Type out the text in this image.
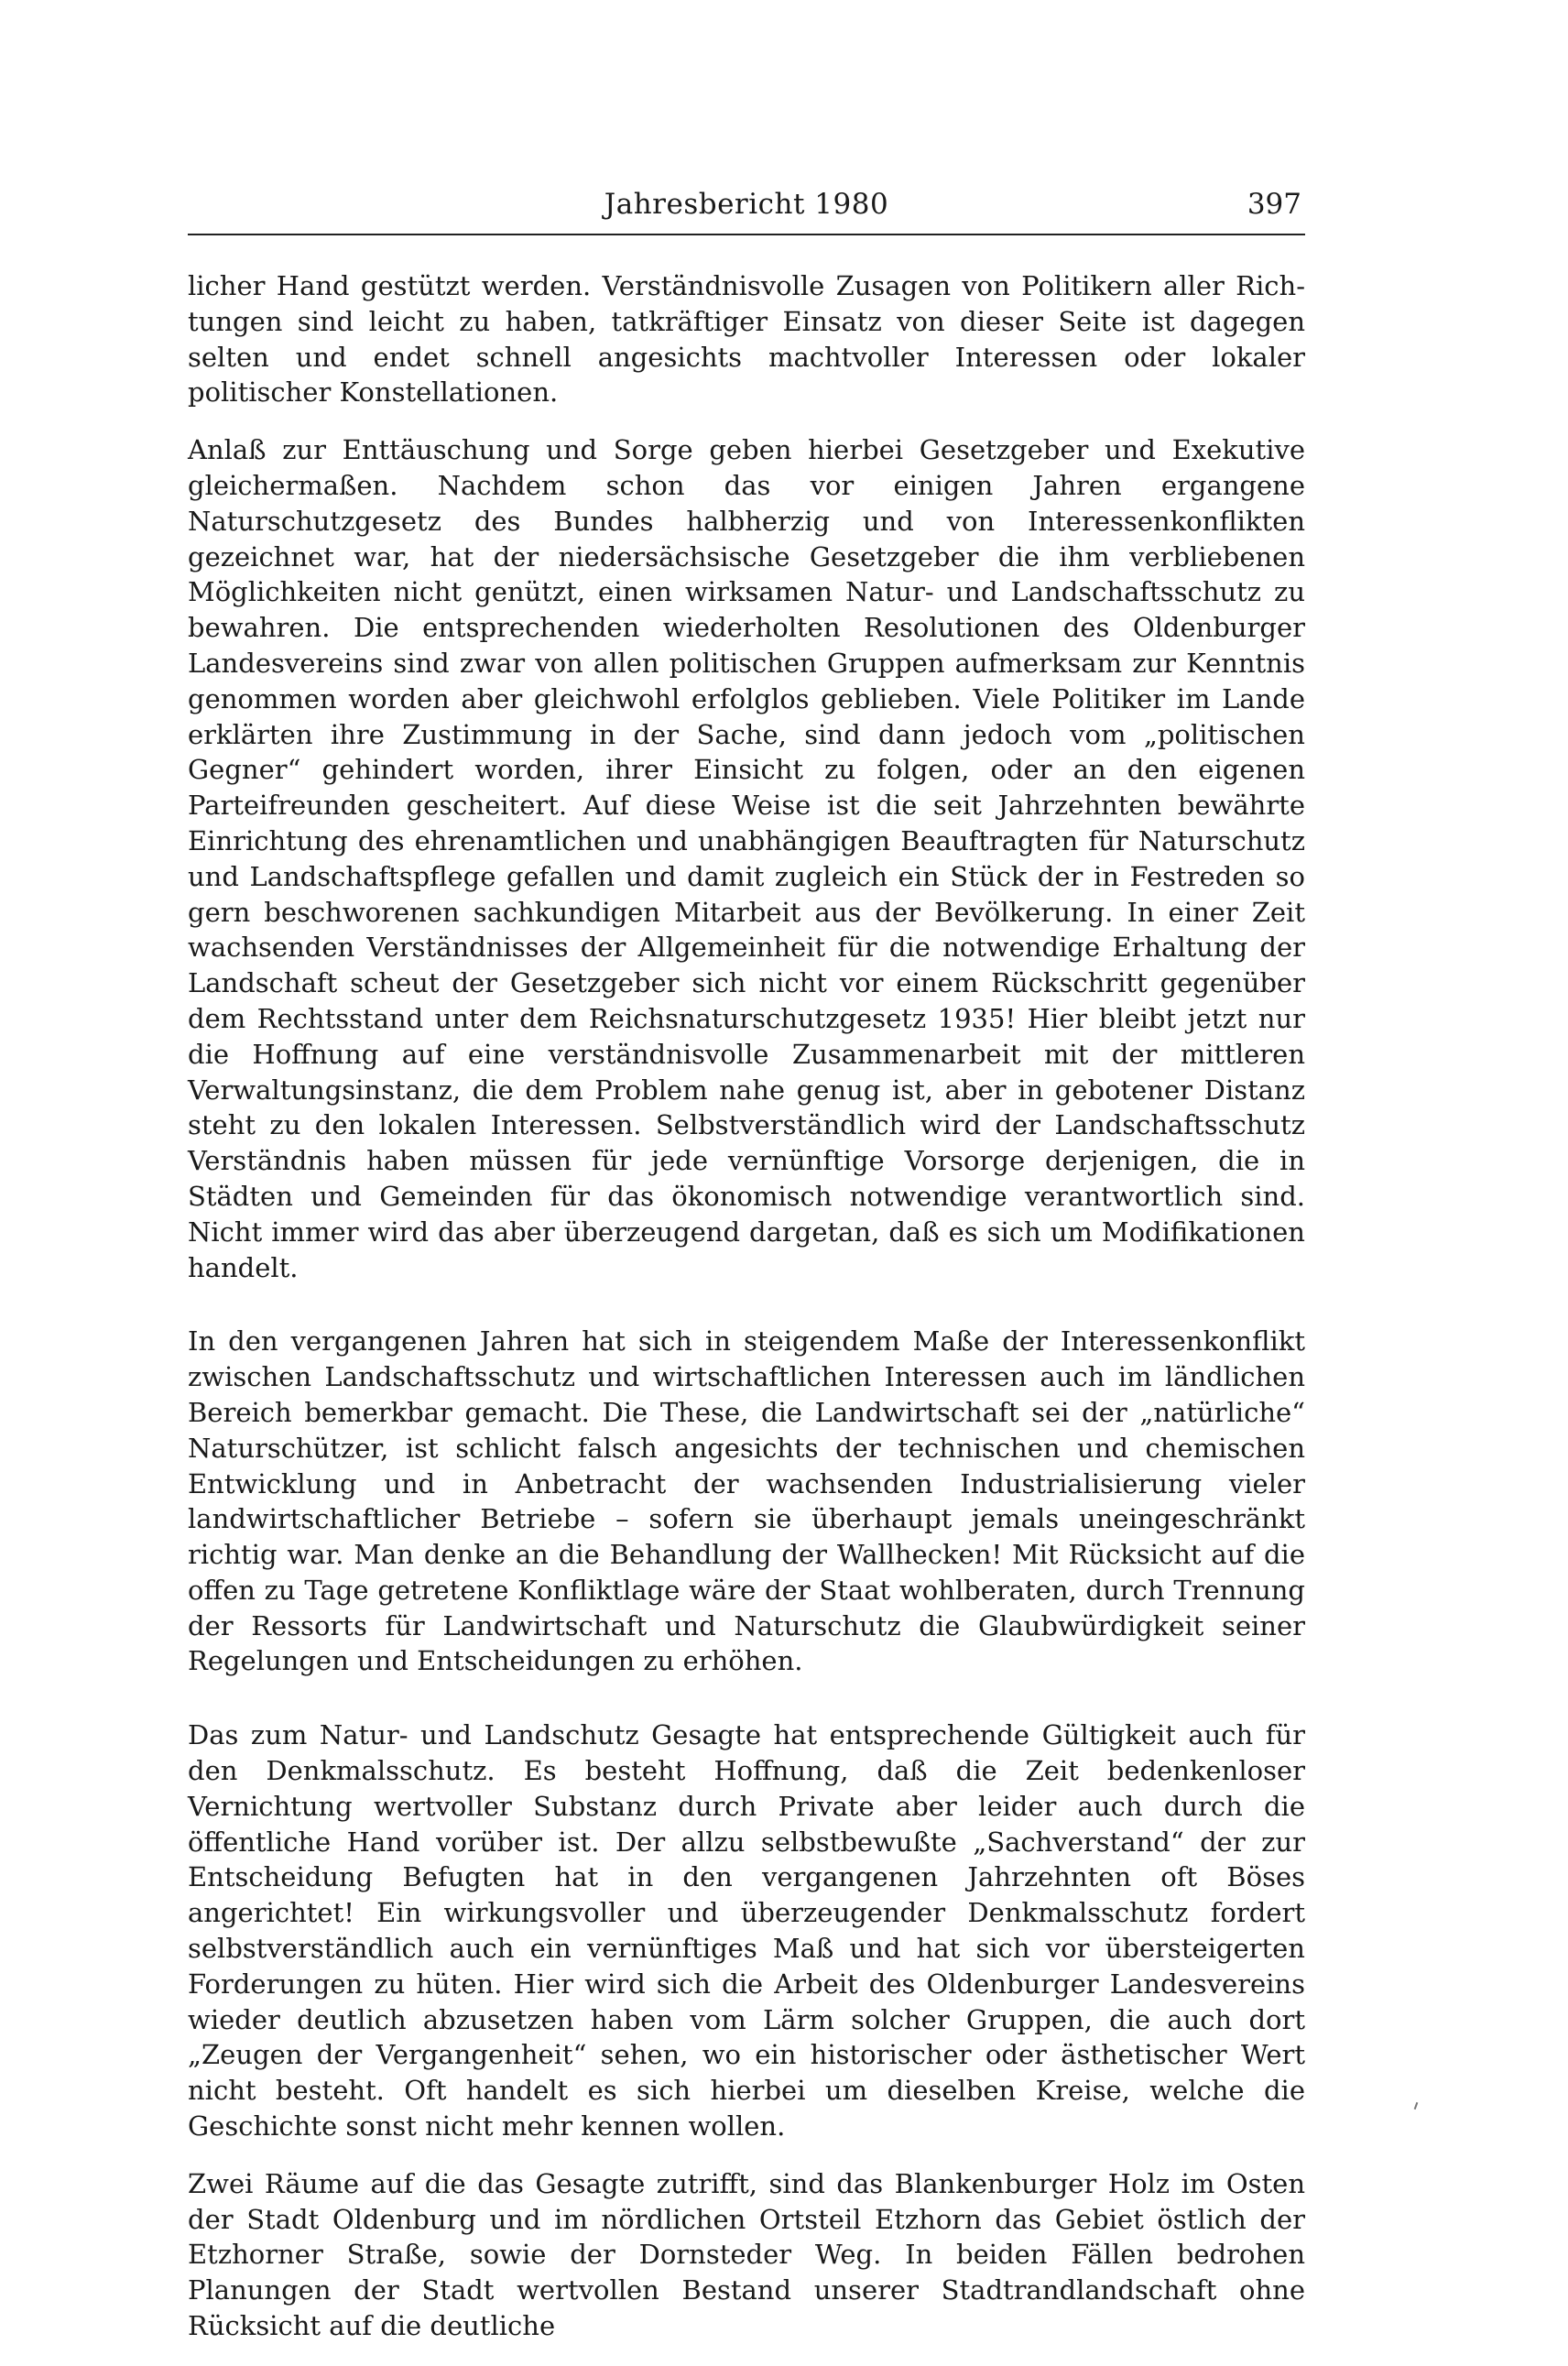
Jahresbericht 1980	397

licher Hand gestützt werden. Verständnisvolle Zusagen von Politikern aller Richtungen sind leicht zu haben, tatkräftiger Einsatz von dieser Seite ist dagegen selten und endet schnell angesichts machtvoller Interessen oder lokaler politischer Konstellationen.

Anlaß zur Enttäuschung und Sorge geben hierbei Gesetzgeber und Exekutive gleichermaßen. Nachdem schon das vor einigen Jahren ergangene Naturschutzgesetz des Bundes halbherzig und von Interessenkonflikten gezeichnet war, hat der niedersächsische Gesetzgeber die ihm verbliebenen Möglichkeiten nicht genützt, einen wirksamen Natur- und Landschaftsschutz zu bewahren. Die entsprechenden wiederholten Resolutionen des Oldenburger Landesvereins sind zwar von allen politischen Gruppen aufmerksam zur Kenntnis genommen worden aber gleichwohl erfolglos geblieben. Viele Politiker im Lande erklärten ihre Zustimmung in der Sache, sind dann jedoch vom „politischen Gegner“ gehindert worden, ihrer Einsicht zu folgen, oder an den eigenen Parteifreunden gescheitert. Auf diese Weise ist die seit Jahrzehnten bewährte Einrichtung des ehrenamtlichen und unabhängigen Beauftragten für Naturschutz und Landschaftspflege gefallen und damit zugleich ein Stück der in Festreden so gern beschworenen sachkundigen Mitarbeit aus der Bevölkerung. In einer Zeit wachsenden Verständnisses der Allgemeinheit für die notwendige Erhaltung der Landschaft scheut der Gesetzgeber sich nicht vor einem Rückschritt gegenüber dem Rechtsstand unter dem Reichsnaturschutzgesetz 1935! Hier bleibt jetzt nur die Hoffnung auf eine verständnisvolle Zusammenarbeit mit der mittleren Verwaltungsinstanz, die dem Problem nahe genug ist, aber in gebotener Distanz steht zu den lokalen Interessen. Selbstverständlich wird der Landschaftsschutz Verständnis haben müssen für jede vernünftige Vorsorge derjenigen, die in Städten und Gemeinden für das ökonomisch notwendige verantwortlich sind. Nicht immer wird das aber überzeugend dargetan, daß es sich um Modifikationen handelt.

In den vergangenen Jahren hat sich in steigendem Maße der Interessenkonflikt zwischen Landschaftsschutz und wirtschaftlichen Interessen auch im ländlichen Bereich bemerkbar gemacht. Die These, die Landwirtschaft sei der „natürliche“ Naturschützer, ist schlicht falsch angesichts der technischen und chemischen Entwicklung und in Anbetracht der wachsenden Industrialisierung vieler landwirtschaftlicher Betriebe – sofern sie überhaupt jemals uneingeschränkt richtig war. Man denke an die Behandlung der Wallhecken! Mit Rücksicht auf die offen zu Tage getretene Konfliktlage wäre der Staat wohlberaten, durch Trennung der Ressorts für Landwirtschaft und Naturschutz die Glaubwürdigkeit seiner Regelungen und Entscheidungen zu erhöhen.

Das zum Natur- und Landschutz Gesagte hat entsprechende Gültigkeit auch für den Denkmalsschutz. Es besteht Hoffnung, daß die Zeit bedenkenloser Vernichtung wertvoller Substanz durch Private aber leider auch durch die öffentliche Hand vorüber ist. Der allzu selbstbewußte „Sachverstand“ der zur Entscheidung Befugten hat in den vergangenen Jahrzehnten oft Böses angerichtet! Ein wirkungsvoller und überzeugender Denkmalsschutz fordert selbstverständlich auch ein vernünftiges Maß und hat sich vor übersteigerten Forderungen zu hüten. Hier wird sich die Arbeit des Oldenburger Landesvereins wieder deutlich abzusetzen haben vom Lärm solcher Gruppen, die auch dort „Zeugen der Vergangenheit“ sehen, wo ein historischer oder ästhetischer Wert nicht besteht. Oft handelt es sich hierbei um dieselben Kreise, welche die Geschichte sonst nicht mehr kennen wollen.

Zwei Räume auf die das Gesagte zutrifft, sind das Blankenburger Holz im Osten der Stadt Oldenburg und im nördlichen Ortsteil Etzhorn das Gebiet östlich der Etzhorner Straße, sowie der Dornsteder Weg. In beiden Fällen bedrohen Planungen der Stadt wertvollen Bestand unserer Stadtrandlandschaft ohne Rücksicht auf die deutliche
